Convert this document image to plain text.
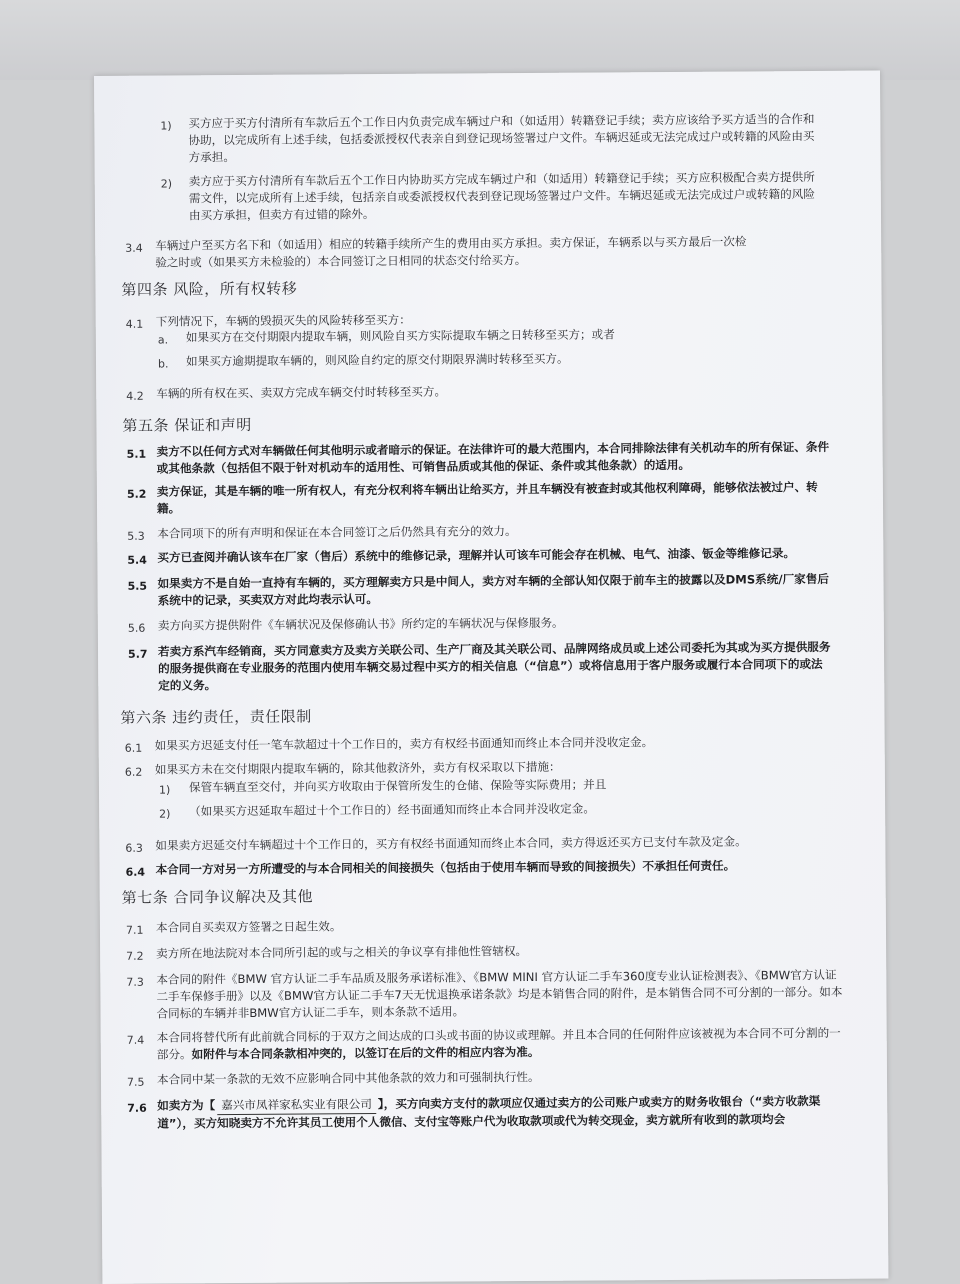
1) 买方应于买方付清所有车款后五个工作日内负责完成车辆过户和（如适用）转籍登记手续；卖方应该给予买方适当的合作和协助，以完成所有上述手续，包括委派授权代表亲自到登记现场签署过户文件。车辆迟延或无法完成过户或转籍的风险由买方承担。
2) 卖方应于买方付清所有车款后五个工作日内协助买方完成车辆过户和（如适用）转籍登记手续；买方应积极配合卖方提供所需文件，以完成所有上述手续，包括亲自或委派授权代表到登记现场签署过户文件。车辆迟延或无法完成过户或转籍的风险由买方承担，但卖方有过错的除外。
3.4 车辆过户至买方名下和（如适用）相应的转籍手续所产生的费用由买方承担。卖方保证，车辆系以与买方最后一次检验之时或（如果买方未检验的）本合同签订之日相同的状态交付给买方。
第四条 风险，所有权转移
4.1 下列情况下，车辆的毁损灭失的风险转移至买方：
a. 如果买方在交付期限内提取车辆，则风险自买方实际提取车辆之日转移至买方；或者
b. 如果买方逾期提取车辆的，则风险自约定的原交付期限界满时转移至买方。
4.2 车辆的所有权在买、卖双方完成车辆交付时转移至买方。
第五条 保证和声明
5.1 卖方不以任何方式对车辆做任何其他明示或者暗示的保证。在法律许可的最大范围内，本合同排除法律有关机动车的所有保证、条件或其他条款（包括但不限于针对机动车的适用性、可销售品质或其他的保证、条件或其他条款）的适用。
5.2 卖方保证，其是车辆的唯一所有权人，有充分权利将车辆出让给买方，并且车辆没有被查封或其他权利障碍，能够依法被过户、转籍。
5.3 本合同项下的所有声明和保证在本合同签订之后仍然具有充分的效力。
5.4 买方已查阅并确认该车在厂家（售后）系统中的维修记录，理解并认可该车可能会存在机械、电气、油漆、钣金等维修记录。
5.5 如果卖方不是自始一直持有车辆的，买方理解卖方只是中间人，卖方对车辆的全部认知仅限于前车主的披露以及DMS系统/厂家售后系统中的记录，买卖双方对此均表示认可。
5.6 卖方向买方提供附件《车辆状况及保修确认书》所约定的车辆状况与保修服务。
5.7 若卖方系汽车经销商，买方同意卖方及卖方关联公司、生产厂商及其关联公司、品牌网络成员或上述公司委托为其或为买方提供服务的服务提供商在专业服务的范围内使用车辆交易过程中买方的相关信息（“信息”）或将信息用于客户服务或履行本合同项下的或法定的义务。
第六条 违约责任，责任限制
6.1 如果买方迟延支付任一笔车款超过十个工作日的，卖方有权经书面通知而终止本合同并没收定金。
6.2 如果买方未在交付期限内提取车辆的，除其他救济外，卖方有权采取以下措施：
1) 保管车辆直至交付，并向买方收取由于保管所发生的仓储、保险等实际费用；并且
2) （如果买方迟延取车超过十个工作日的）经书面通知而终止本合同并没收定金。
6.3 如果卖方迟延交付车辆超过十个工作日的，买方有权经书面通知而终止本合同，卖方得返还买方已支付车款及定金。
6.4 本合同一方对另一方所遭受的与本合同相关的间接损失（包括由于使用车辆而导致的间接损失）不承担任何责任。
第七条 合同争议解决及其他
7.1 本合同自买卖双方签署之日起生效。
7.2 卖方所在地法院对本合同所引起的或与之相关的争议享有排他性管辖权。
7.3 本合同的附件《BMW 官方认证二手车品质及服务承诺标准》、《BMW MINI 官方认证二手车360度专业认证检测表》、《BMW官方认证二手车保修手册》以及《BMW官方认证二手车7天无忧退换承诺条款》均是本销售合同的附件，是本销售合同不可分割的一部分。如本合同标的车辆并非BMW官方认证二手车，则本条款不适用。
7.4 本合同将替代所有此前就合同标的于双方之间达成的口头或书面的协议或理解。并且本合同的任何附件应该被视为本合同不可分割的一部分。如附件与本合同条款相冲突的，以签订在后的文件的相应内容为准。
7.5 本合同中某一条款的无效不应影响合同中其他条款的效力和可强制执行性。
7.6 如卖方为【 嘉兴市凤祥家私实业有限公司 】，买方向卖方支付的款项应仅通过卖方的公司账户或卖方的财务收银台（“卖方收款渠道”），买方知晓卖方不允许其员工使用个人微信、支付宝等账户代为收取款项或代为转交现金，卖方就所有收到的款项均会
